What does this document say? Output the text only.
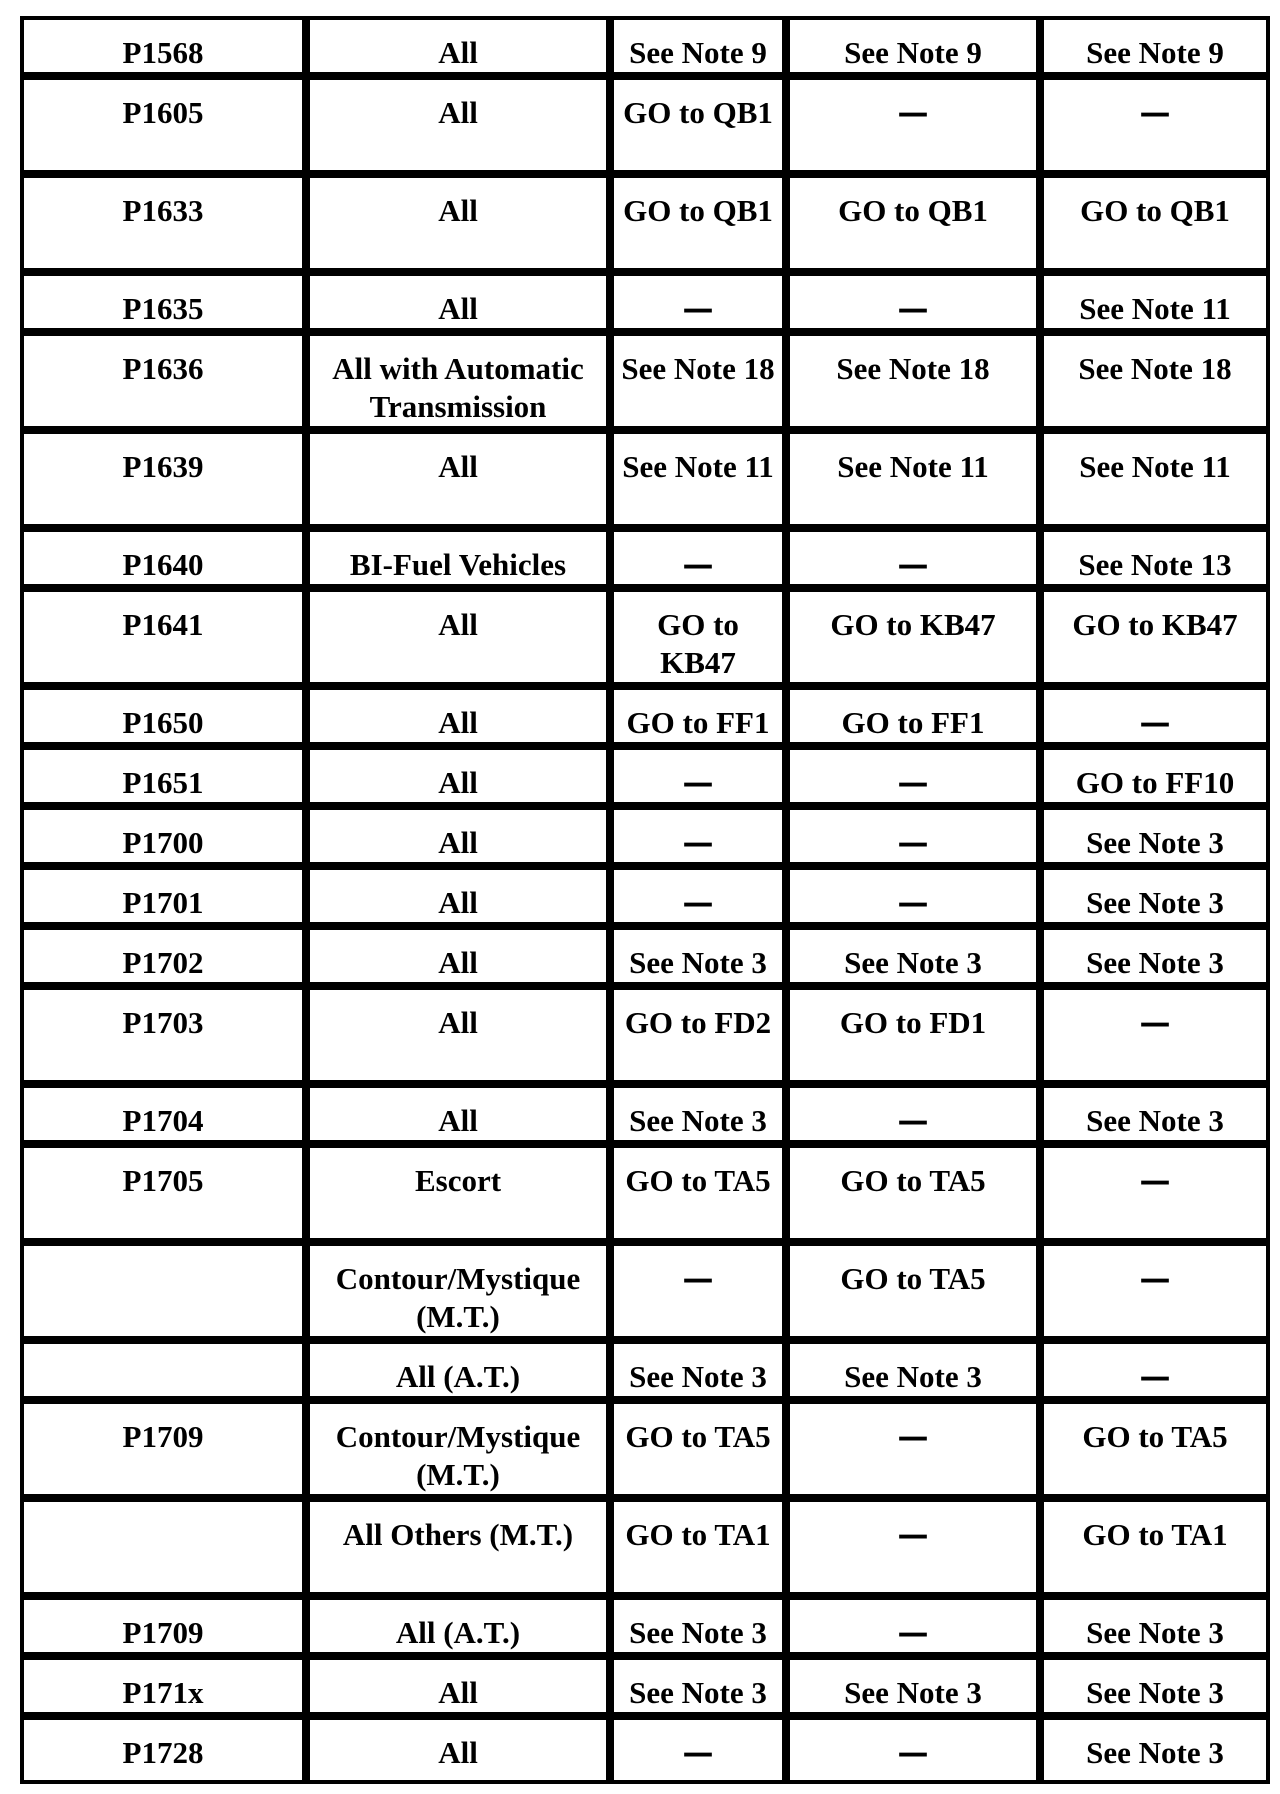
P1568	All	See Note 9	See Note 9	See Note 9
P1605	All	GO to QB1	—	—
P1633	All	GO to QB1	GO to QB1	GO to QB1
P1635	All	—	—	See Note 11
P1636	All with Automatic Transmission	See Note 18	See Note 18	See Note 18
P1639	All	See Note 11	See Note 11	See Note 11
P1640	BI-Fuel Vehicles	—	—	See Note 13
P1641	All	GO to KB47	GO to KB47	GO to KB47
P1650	All	GO to FF1	GO to FF1	—
P1651	All	—	—	GO to FF10
P1700	All	—	—	See Note 3
P1701	All	—	—	See Note 3
P1702	All	See Note 3	See Note 3	See Note 3
P1703	All	GO to FD2	GO to FD1	—
P1704	All	See Note 3	—	See Note 3
P1705	Escort	GO to TA5	GO to TA5	—
	Contour/Mystique (M.T.)	—	GO to TA5	—
	All (A.T.)	See Note 3	See Note 3	—
P1709	Contour/Mystique (M.T.)	GO to TA5	—	GO to TA5
	All Others (M.T.)	GO to TA1	—	GO to TA1
P1709	All (A.T.)	See Note 3	—	See Note 3
P171x	All	See Note 3	See Note 3	See Note 3
P1728	All	—	—	See Note 3
